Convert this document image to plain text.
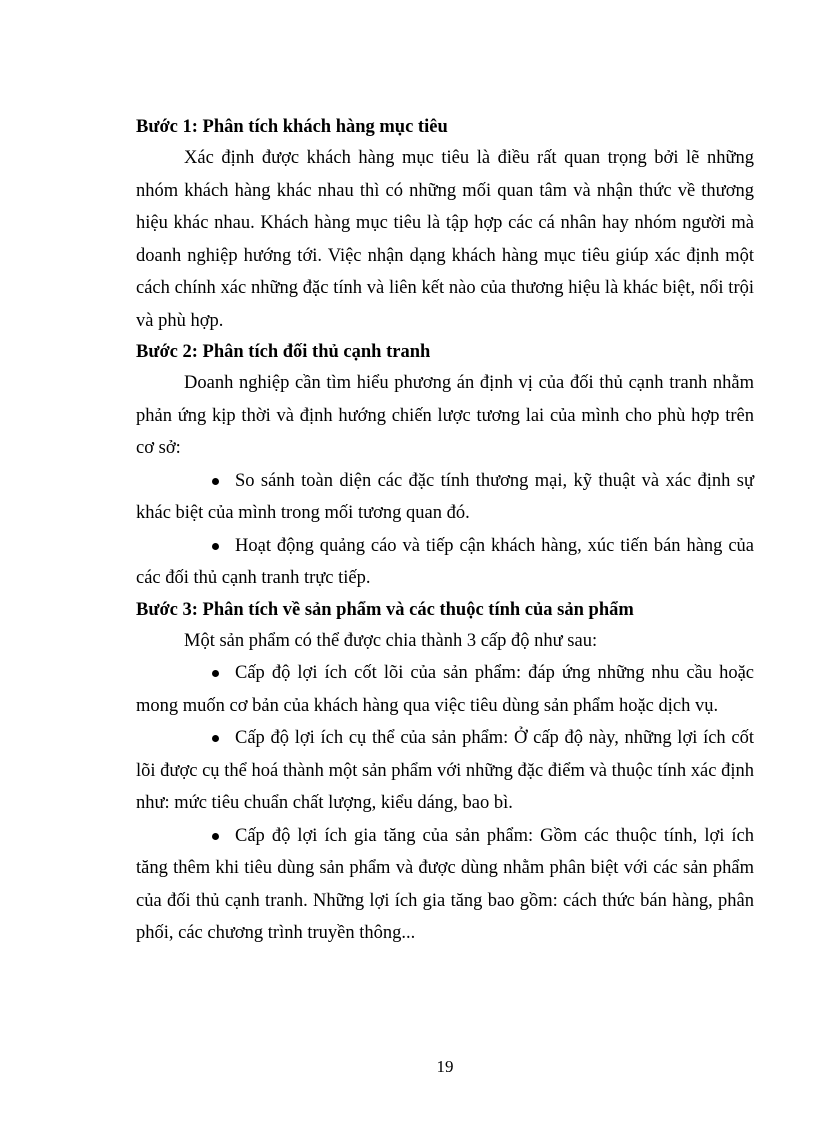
Bước 1: Phân tích khách hàng mục tiêu

Xác định được khách hàng mục tiêu là điều rất quan trọng bởi lẽ những nhóm khách hàng khác nhau thì có những mối quan tâm và nhận thức về thương hiệu khác nhau. Khách hàng mục tiêu là tập hợp các cá nhân hay nhóm người mà doanh nghiệp hướng tới. Việc nhận dạng khách hàng mục tiêu giúp xác định một cách chính xác những đặc tính và liên kết nào của thương hiệu là khác biệt, nổi trội và phù hợp.

Bước 2: Phân tích đối thủ cạnh tranh

Doanh nghiệp cần tìm hiểu phương án định vị của đối thủ cạnh tranh nhằm phản ứng kịp thời và định hướng chiến lược tương lai của mình cho phù hợp trên cơ sở:

So sánh toàn diện các đặc tính thương mại, kỹ thuật và xác định sự khác biệt của mình trong mối tương quan đó.

Hoạt động quảng cáo và tiếp cận khách hàng, xúc tiến bán hàng của các đối thủ cạnh tranh trực tiếp.

Bước 3: Phân tích về sản phẩm và các thuộc tính của sản phẩm

Một sản phẩm có thể được chia thành 3 cấp độ như sau:

Cấp độ lợi ích cốt lõi của sản phẩm: đáp ứng những nhu cầu hoặc mong muốn cơ bản của khách hàng qua việc tiêu dùng sản phẩm hoặc dịch vụ.

Cấp độ lợi ích cụ thể của sản phẩm: Ở cấp độ này, những lợi ích cốt lõi được cụ thể hoá thành một sản phẩm với những đặc điểm và thuộc tính xác định như: mức tiêu chuẩn chất lượng, kiểu dáng, bao bì.

Cấp độ lợi ích gia tăng của sản phẩm: Gồm các thuộc tính, lợi ích tăng thêm khi tiêu dùng sản phẩm và được dùng nhằm phân biệt với các sản phẩm của đối thủ cạnh tranh. Những lợi ích gia tăng bao gồm: cách thức bán hàng, phân phối, các chương trình truyền thông...

19
